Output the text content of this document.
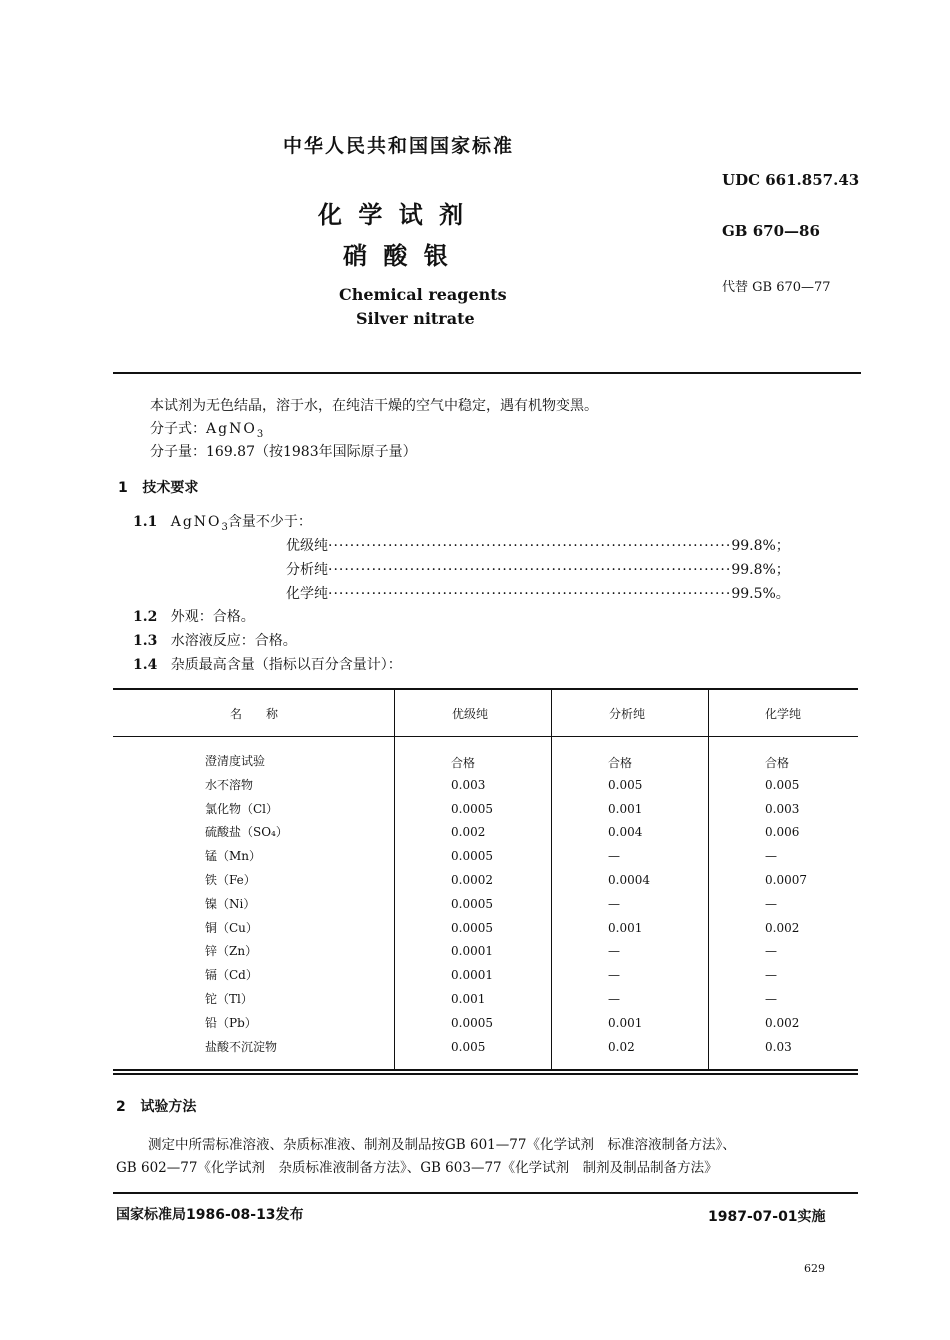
中华人民共和国国家标准
UDC 661.857.43
化 学 试 剂
GB 670—86
硝 酸 银
代替 GB 670—77
Chemical reagents
Silver nitrate
本试剂为无色结晶，溶于水，在纯洁干燥的空气中稳定，遇有机物变黑。
分子式：AgNO$_3$
分子量：169.87（按1983年国际原子量）
1 技术要求
1.1 AgNO$_3$含量不少于：
优级纯··········································································99.8%；
分析纯··········································································99.8%；
化学纯··········································································99.5%。
1.2 外观：合格。
1.3 水溶液反应：合格。
1.4 杂质最高含量（指标以百分含量计）：
名　　称	优级纯	分析纯	化学纯
澄清度试验	合格	合格	合格
水不溶物	0.003	0.005	0.005
氯化物（Cl）	0.0005	0.001	0.003
硫酸盐（SO₄）	0.002	0.004	0.006
锰（Mn）	0.0005	—	—
铁（Fe）	0.0002	0.0004	0.0007
镍（Ni）	0.0005	—	—
铜（Cu）	0.0005	0.001	0.002
锌（Zn）	0.0001	—	—
镉（Cd）	0.0001	—	—
铊（Tl）	0.001	—	—
铅（Pb）	0.0005	0.001	0.002
盐酸不沉淀物	0.005	0.02	0.03
2 试验方法
测定中所需标准溶液、杂质标准液、制剂及制品按GB 601—77《化学试剂　标准溶液制备方法》、
GB 602—77《化学试剂　杂质标准液制备方法》、GB 603—77《化学试剂　制剂及制品制备方法》
国家标准局1986-08-13发布	1987-07-01实施
629
